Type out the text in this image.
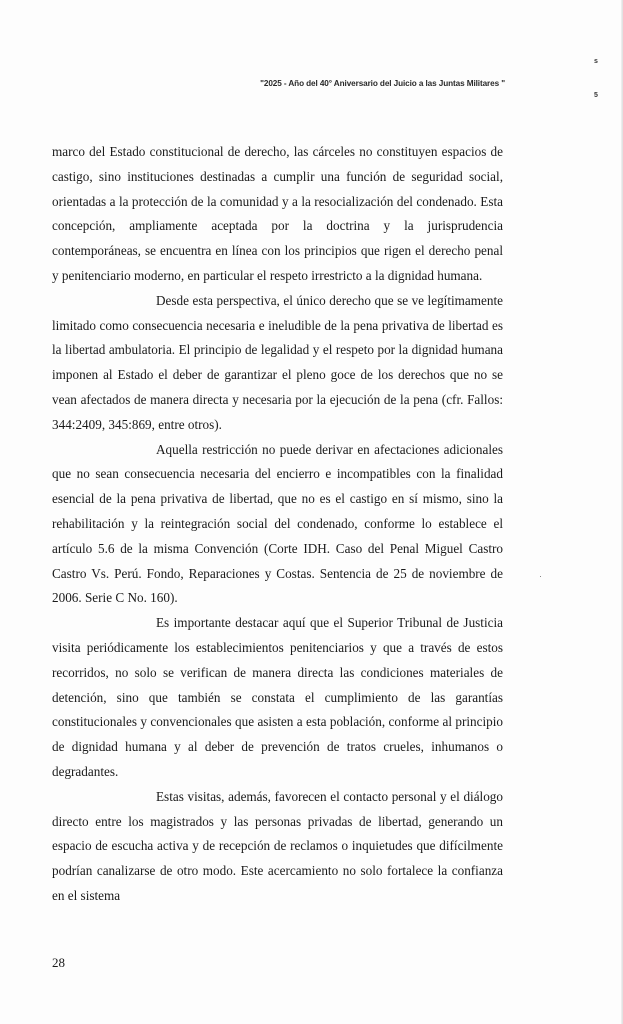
s
5
"2025 - Año del 40° Aniversario del Juicio a las Juntas Militares "

marco del Estado constitucional de derecho, las cárceles no constituyen espacios de castigo, sino instituciones destinadas a cumplir una función de seguridad social, orientadas a la protección de la comunidad y a la resocialización del condenado. Esta concepción, ampliamente aceptada por la doctrina y la jurisprudencia contemporáneas, se encuentra en línea con los principios que rigen el derecho penal y penitenciario moderno, en particular el respeto irrestricto a la dignidad humana.

Desde esta perspectiva, el único derecho que se ve legítimamente limitado como consecuencia necesaria e ineludible de la pena privativa de libertad es la libertad ambulatoria. El principio de legalidad y el respeto por la dignidad humana imponen al Estado el deber de garantizar el pleno goce de los derechos que no se vean afectados de manera directa y necesaria por la ejecución de la pena (cfr. Fallos: 344:2409, 345:869, entre otros).

Aquella restricción no puede derivar en afectaciones adicionales que no sean consecuencia necesaria del encierro e incompatibles con la finalidad esencial de la pena privativa de libertad, que no es el castigo en sí mismo, sino la rehabilitación y la reintegración social del condenado, conforme lo establece el artículo 5.6 de la misma Convención (Corte IDH. Caso del Penal Miguel Castro Castro Vs. Perú. Fondo, Reparaciones y Costas. Sentencia de 25 de noviembre de 2006. Serie C No. 160).

Es importante destacar aquí que el Superior Tribunal de Justicia visita periódicamente los establecimientos penitenciarios y que a través de estos recorridos, no solo se verifican de manera directa las condiciones materiales de detención, sino que también se constata el cumplimiento de las garantías constitucionales y convencionales que asisten a esta población, conforme al principio de dignidad humana y al deber de prevención de tratos crueles, inhumanos o degradantes.

Estas visitas, además, favorecen el contacto personal y el diálogo directo entre los magistrados y las personas privadas de libertad, generando un espacio de escucha activa y de recepción de reclamos o inquietudes que difícilmente podrían canalizarse de otro modo. Este acercamiento no solo fortalece la confianza en el sistema

28
